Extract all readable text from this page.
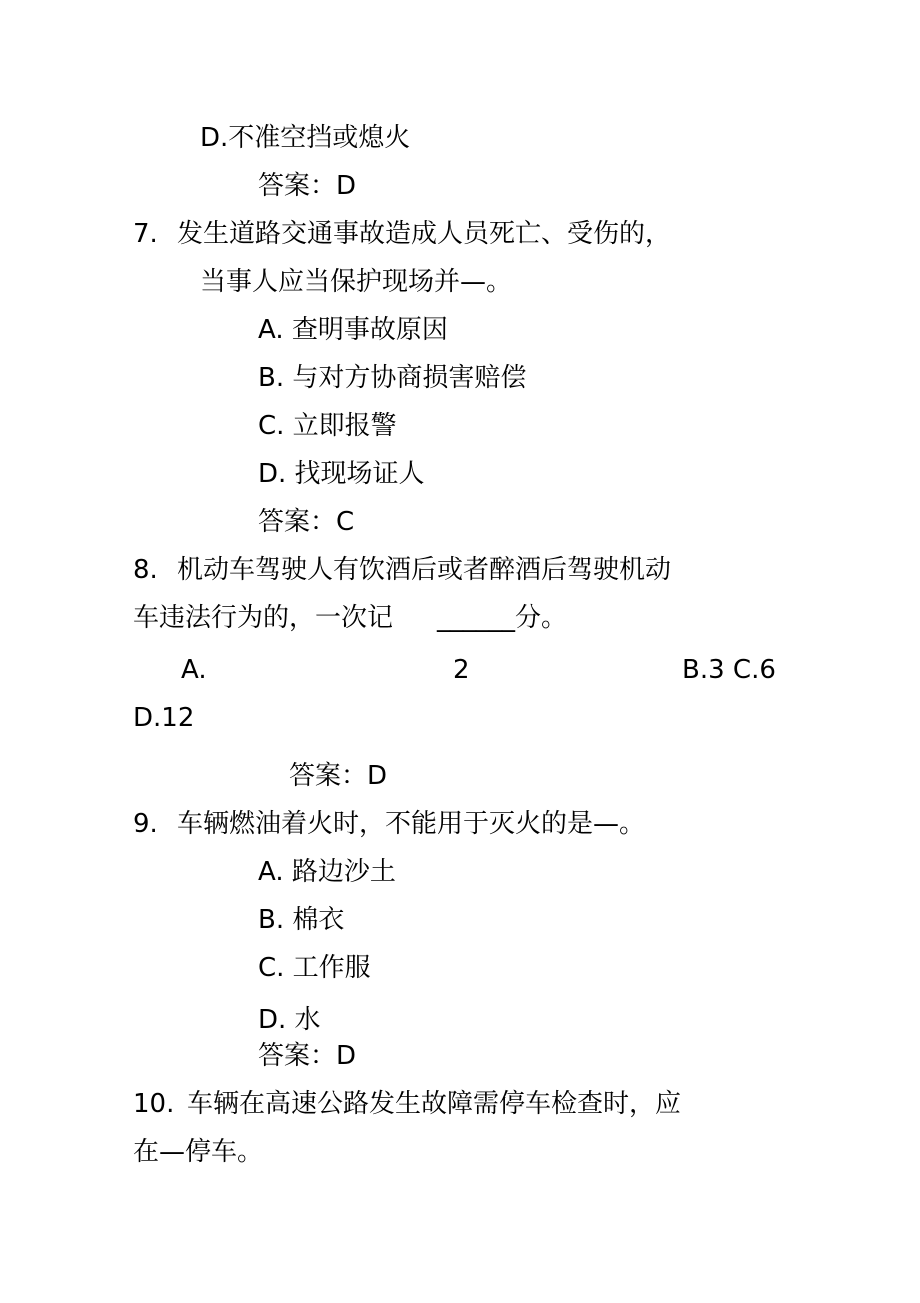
D.不准空挡或熄火
答案：D
7. 发生道路交通事故造成人员死亡、受伤的，
当事人应当保护现场并—。
A. 查明事故原因
B. 与对方协商损害赔偿
C. 立即报警
D. 找现场证人
答案：C
8. 机动车驾驶人有饮酒后或者醉酒后驾驶机动
车违法行为的，一次记 ______分。
A.	2	B.3 C.6
D.12
答案：D
9. 车辆燃油着火时，不能用于灭火的是—。
A. 路边沙土
B. 棉衣
C. 工作服
D. 水
答案：D
10. 车辆在高速公路发生故障需停车检查时，应
在—停车。
